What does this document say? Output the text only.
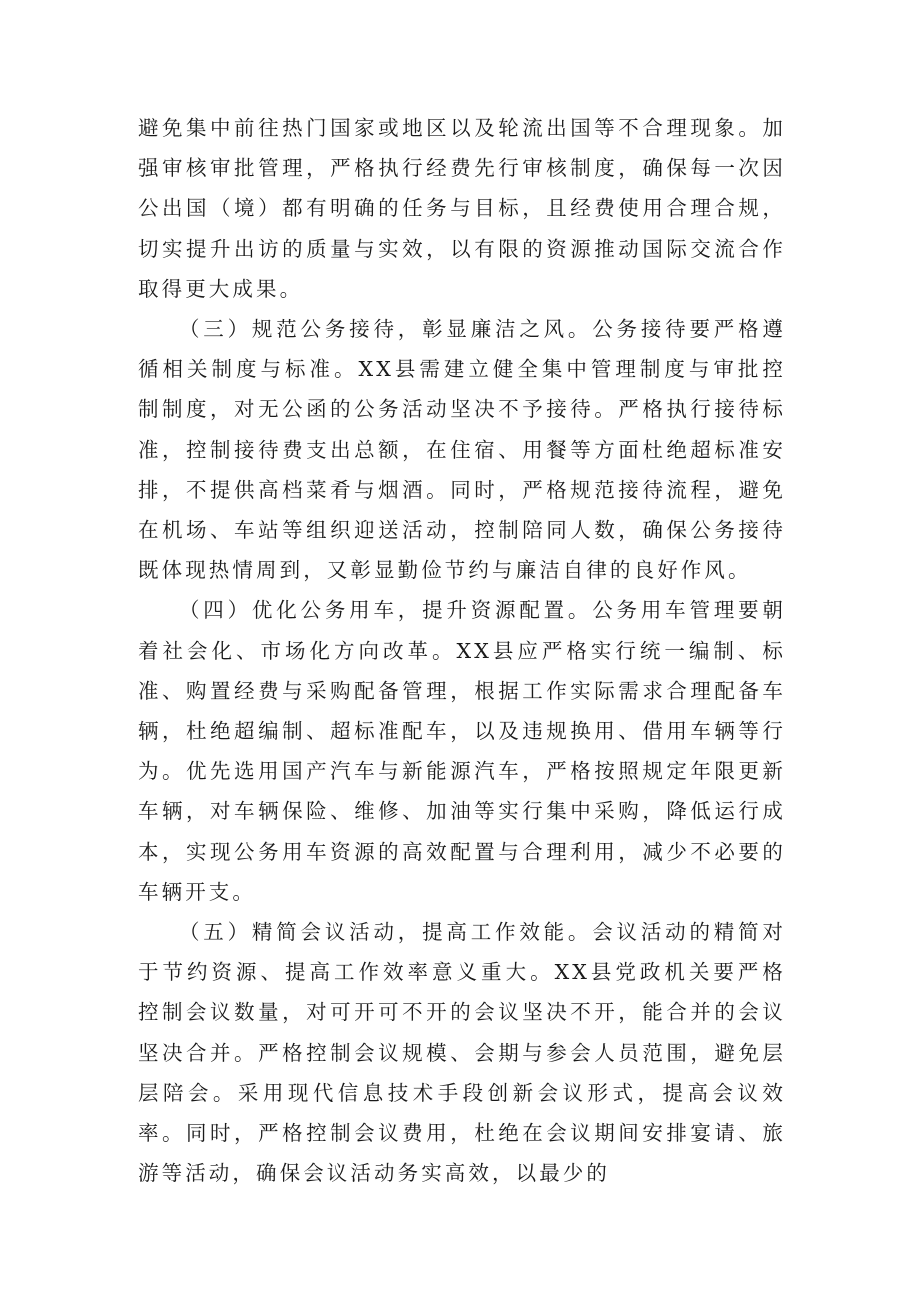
避免集中前往热门国家或地区以及轮流出国等不合理现象。加强审核审批管理，严格执行经费先行审核制度，确保每一次因公出国（境）都有明确的任务与目标，且经费使用合理合规，切实提升出访的质量与实效，以有限的资源推动国际交流合作取得更大成果。

（三）规范公务接待，彰显廉洁之风。公务接待要严格遵循相关制度与标准。XX县需建立健全集中管理制度与审批控制制度，对无公函的公务活动坚决不予接待。严格执行接待标准，控制接待费支出总额，在住宿、用餐等方面杜绝超标准安排，不提供高档菜肴与烟酒。同时，严格规范接待流程，避免在机场、车站等组织迎送活动，控制陪同人数，确保公务接待既体现热情周到，又彰显勤俭节约与廉洁自律的良好作风。

（四）优化公务用车，提升资源配置。公务用车管理要朝着社会化、市场化方向改革。XX县应严格实行统一编制、标准、购置经费与采购配备管理，根据工作实际需求合理配备车辆，杜绝超编制、超标准配车，以及违规换用、借用车辆等行为。优先选用国产汽车与新能源汽车，严格按照规定年限更新车辆，对车辆保险、维修、加油等实行集中采购，降低运行成本，实现公务用车资源的高效配置与合理利用，减少不必要的车辆开支。

（五）精简会议活动，提高工作效能。会议活动的精简对于节约资源、提高工作效率意义重大。XX县党政机关要严格控制会议数量，对可开可不开的会议坚决不开，能合并的会议坚决合并。严格控制会议规模、会期与参会人员范围，避免层层陪会。采用现代信息技术手段创新会议形式，提高会议效率。同时，严格控制会议费用，杜绝在会议期间安排宴请、旅游等活动，确保会议活动务实高效，以最少的
